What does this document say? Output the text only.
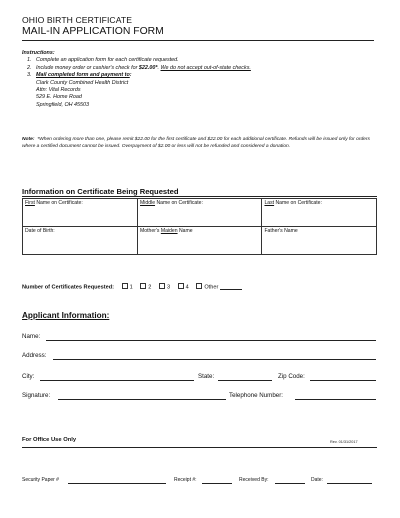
OHIO BIRTH CERTIFICATE
MAIL-IN APPLICATION FORM
Instructions:
1. Complete an application form for each certificate requested.
2. Include money order or cashier's check for $22.00*. We do not accept out-of-state checks.
3. Mail completed form and payment to:
Clark County Combined Health District
Attn: Vital Records
529 E. Home Road
Springfield, OH 45503
Note: *When ordering more than one, please remit $22.00 for the first certificate and $22.00 for each additional certificate. Refunds will be issued only for orders where a certified document cannot be issued. Overpayment of $2.00 or less will not be refunded and considered a donation.
Information on Certificate Being Requested
First Name on Certificate:	Middle Name on Certificate:	Last Name on Certificate:
Date of Birth:	Mother's Maiden Name	Father's Name
Number of Certificates Requested:	1	2	3	4	Other
Applicant Information:
Name:
Address:
City:	State:	Zip Code:
Signature:	Telephone Number:
For Office Use Only	Rev. 01/31/2017
Security Paper #	Receipt #:	Received By:	Date:
